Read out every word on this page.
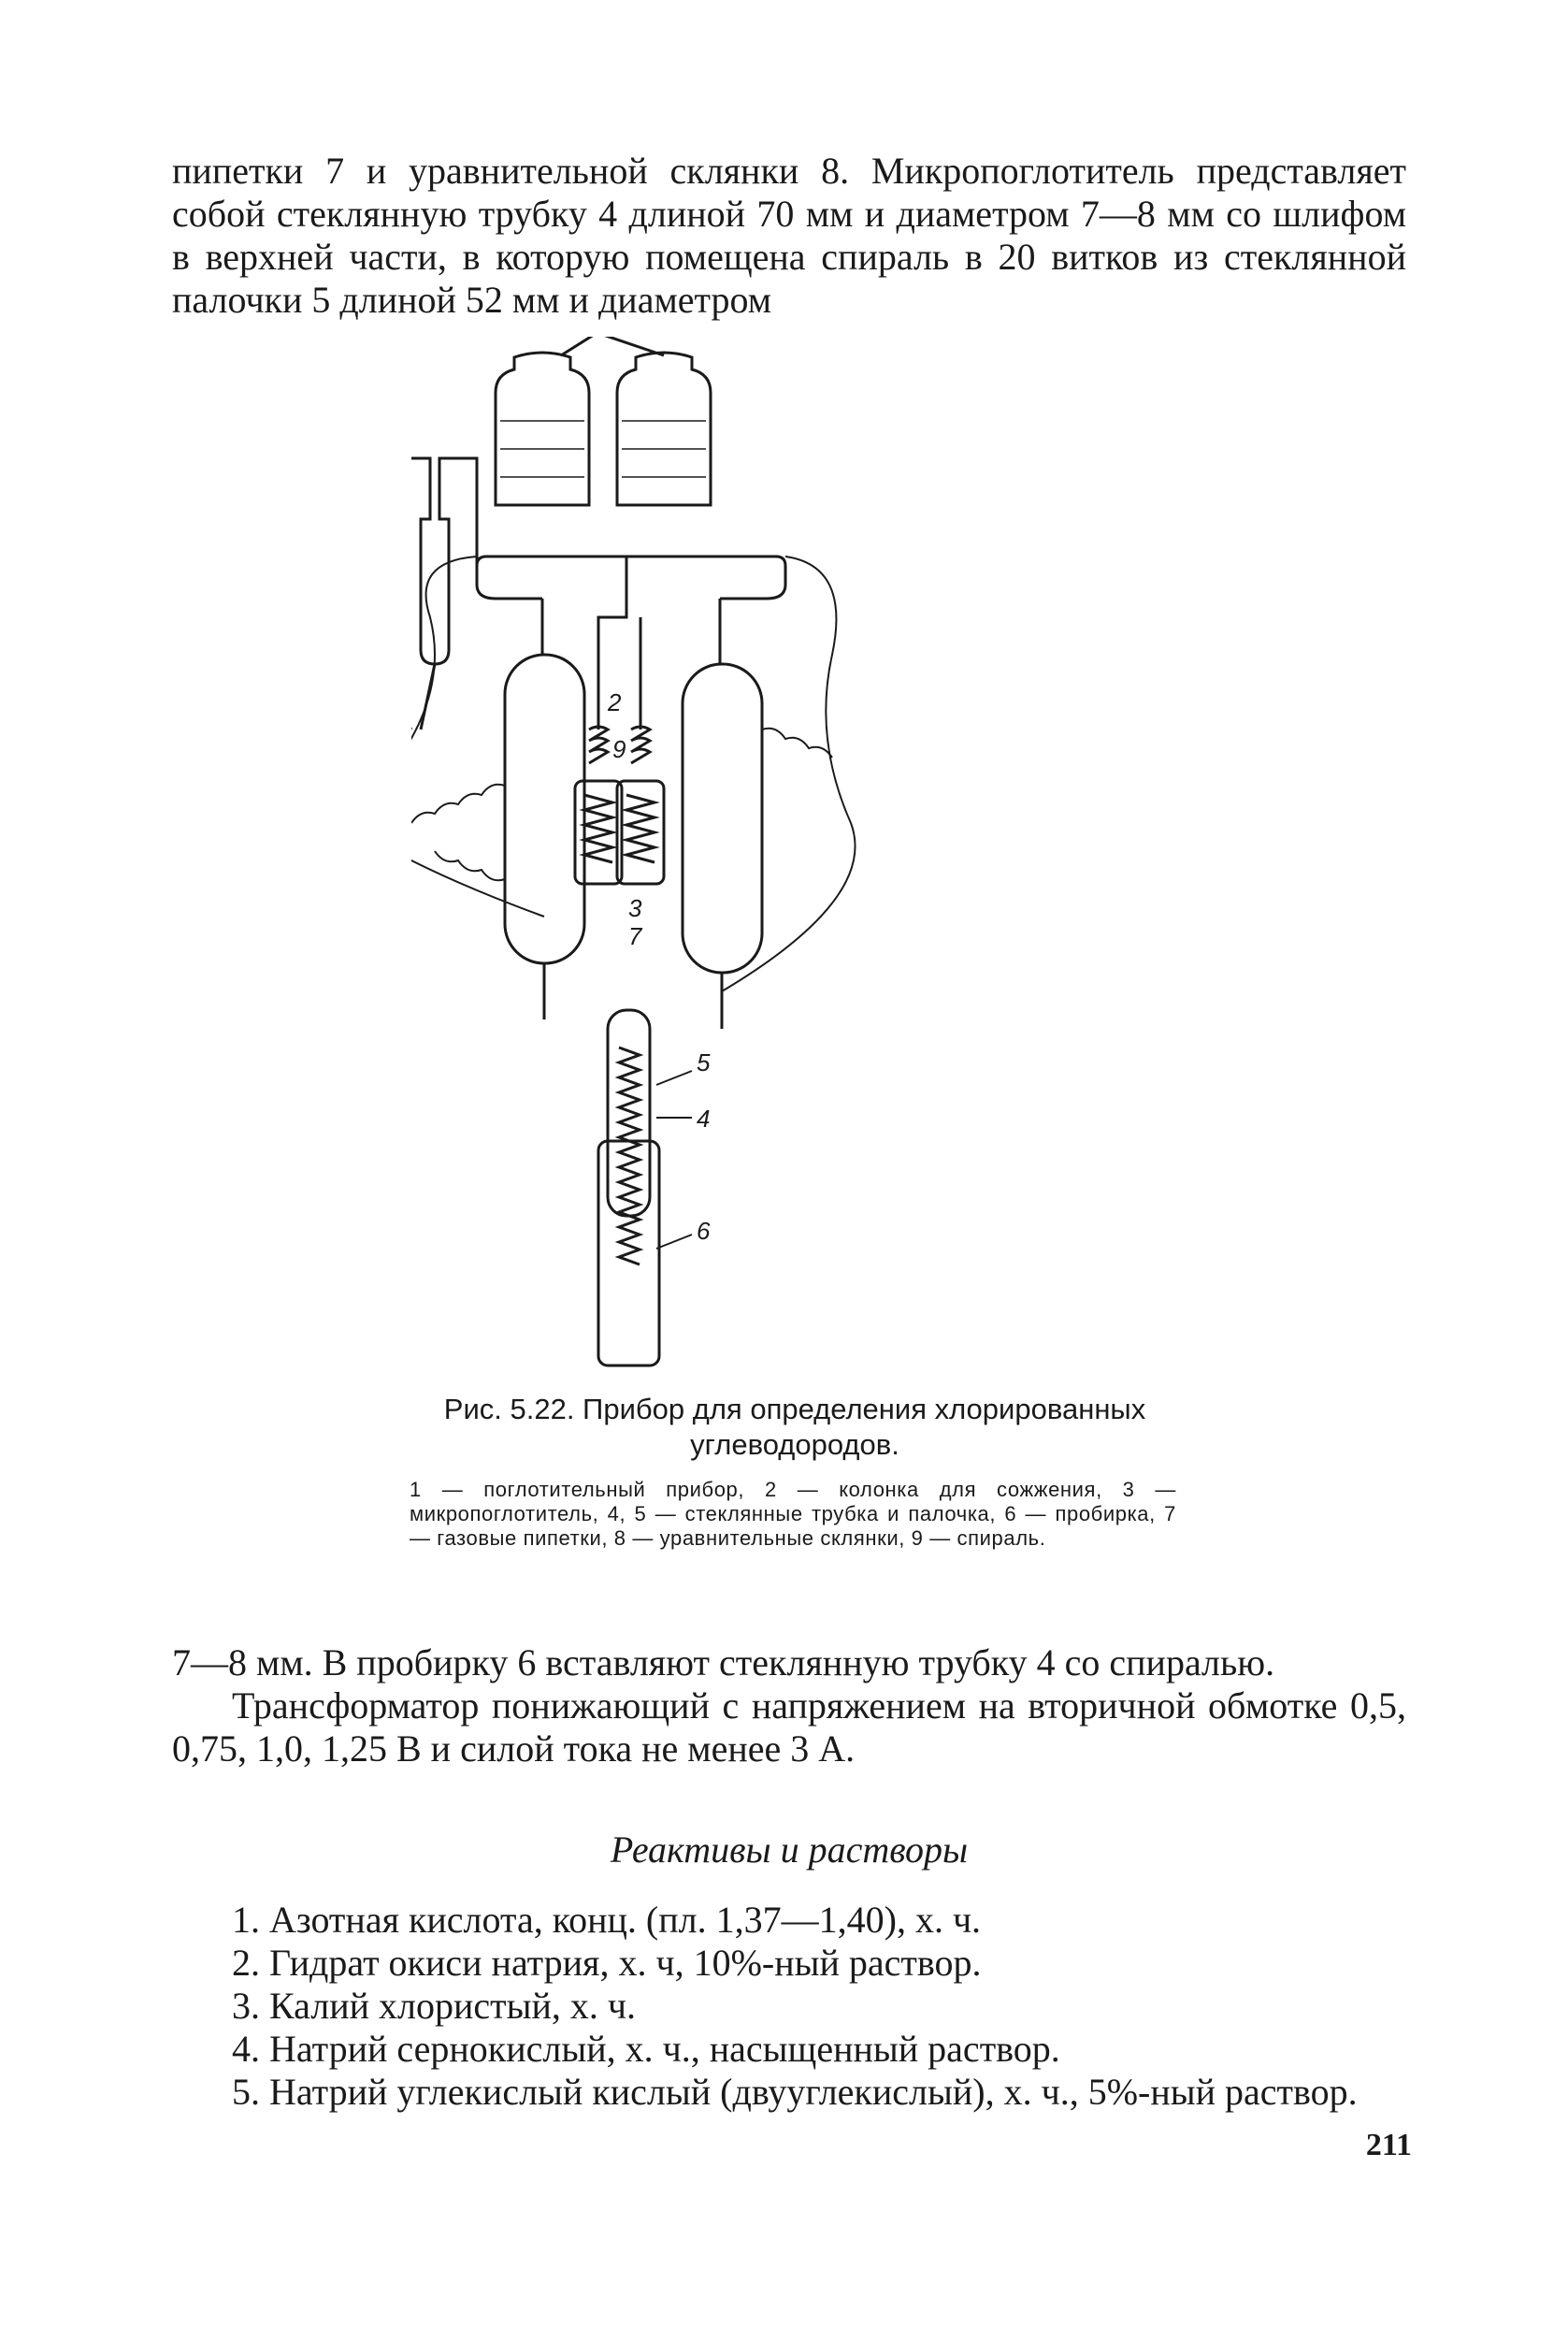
пипетки 7 и уравнительной склянки 8. Микропоглотитель представляет собой стеклянную трубку 4 длиной 70 мм и диаметром 7—8 мм со шлифом в верхней части, в которую помещена спираль в 20 витков из стеклянной палочки 5 длиной 52 мм и диаметром

2
9
3
7
5
4
6
Рис. 5.22. Прибор для определения хлорированных углеводородов.
1 — поглотительный прибор, 2 — колонка для сожжения, 3 — микропоглотитель, 4, 5 — стеклянные трубка и палочка, 6 — пробирка, 7 — газовые пипетки, 8 — уравнительные склянки, 9 — спираль.

7—8 мм. В пробирку 6 вставляют стеклянную трубку 4 со спиралью.

Трансформатор понижающий с напряжением на вторичной обмотке 0,5, 0,75, 1,0, 1,25 В и силой тока не менее 3 А.

Реактивы и растворы
1. Азотная кислота, конц. (пл. 1,37—1,40), х. ч.
2. Гидрат окиси натрия, х. ч, 10%-ный раствор.
3. Калий хлористый, х. ч.
4. Натрий сернокислый, х. ч., насыщенный раствор.
5. Натрий углекислый кислый (двууглекислый), х. ч., 5%-ный раствор.
211
